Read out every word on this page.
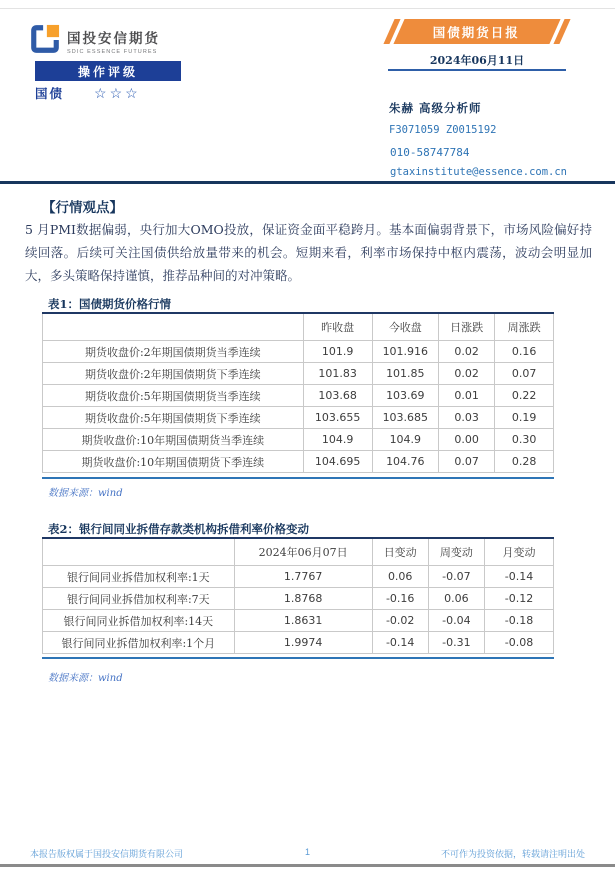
国投安信期货
SDIC ESSENCE FUTURES
操作评级
国债 ☆☆☆
国债期货日报
2024年06月11日
朱赫 高级分析师
F3071059 Z0015192
010-58747784
gtaxinstitute@essence.com.cn
【行情观点】
5 月PMI数据偏弱，央行加大OMO投放，保证资金面平稳跨月。基本面偏弱背景下，市场风险偏好持续回落。后续可关注国债供给放量带来的机会。短期来看，利率市场保持中枢内震荡，波动会明显加大，多头策略保持谨慎，推荐品种间的对冲策略。
表1：国债期货价格行情
	昨收盘	今收盘	日涨跌	周涨跌
期货收盘价:2年期国债期货当季连续	101.9	101.916	0.02	0.16
期货收盘价:2年期国债期货下季连续	101.83	101.85	0.02	0.07
期货收盘价:5年期国债期货当季连续	103.68	103.69	0.01	0.22
期货收盘价:5年期国债期货下季连续	103.655	103.685	0.03	0.19
期货收盘价:10年期国债期货当季连续	104.9	104.9	0.00	0.30
期货收盘价:10年期国债期货下季连续	104.695	104.76	0.07	0.28
数据来源：wind
表2：银行间同业拆借存款类机构拆借利率价格变动
	2024年06月07日	日变动	周变动	月变动
银行间同业拆借加权利率:1天	1.7767	0.06	-0.07	-0.14
银行间同业拆借加权利率:7天	1.8768	-0.16	0.06	-0.12
银行间同业拆借加权利率:14天	1.8631	-0.02	-0.04	-0.18
银行间同业拆借加权利率:1个月	1.9974	-0.14	-0.31	-0.08
数据来源：wind
本报告版权属于国投安信期货有限公司	1	不可作为投资依据，转载请注明出处
